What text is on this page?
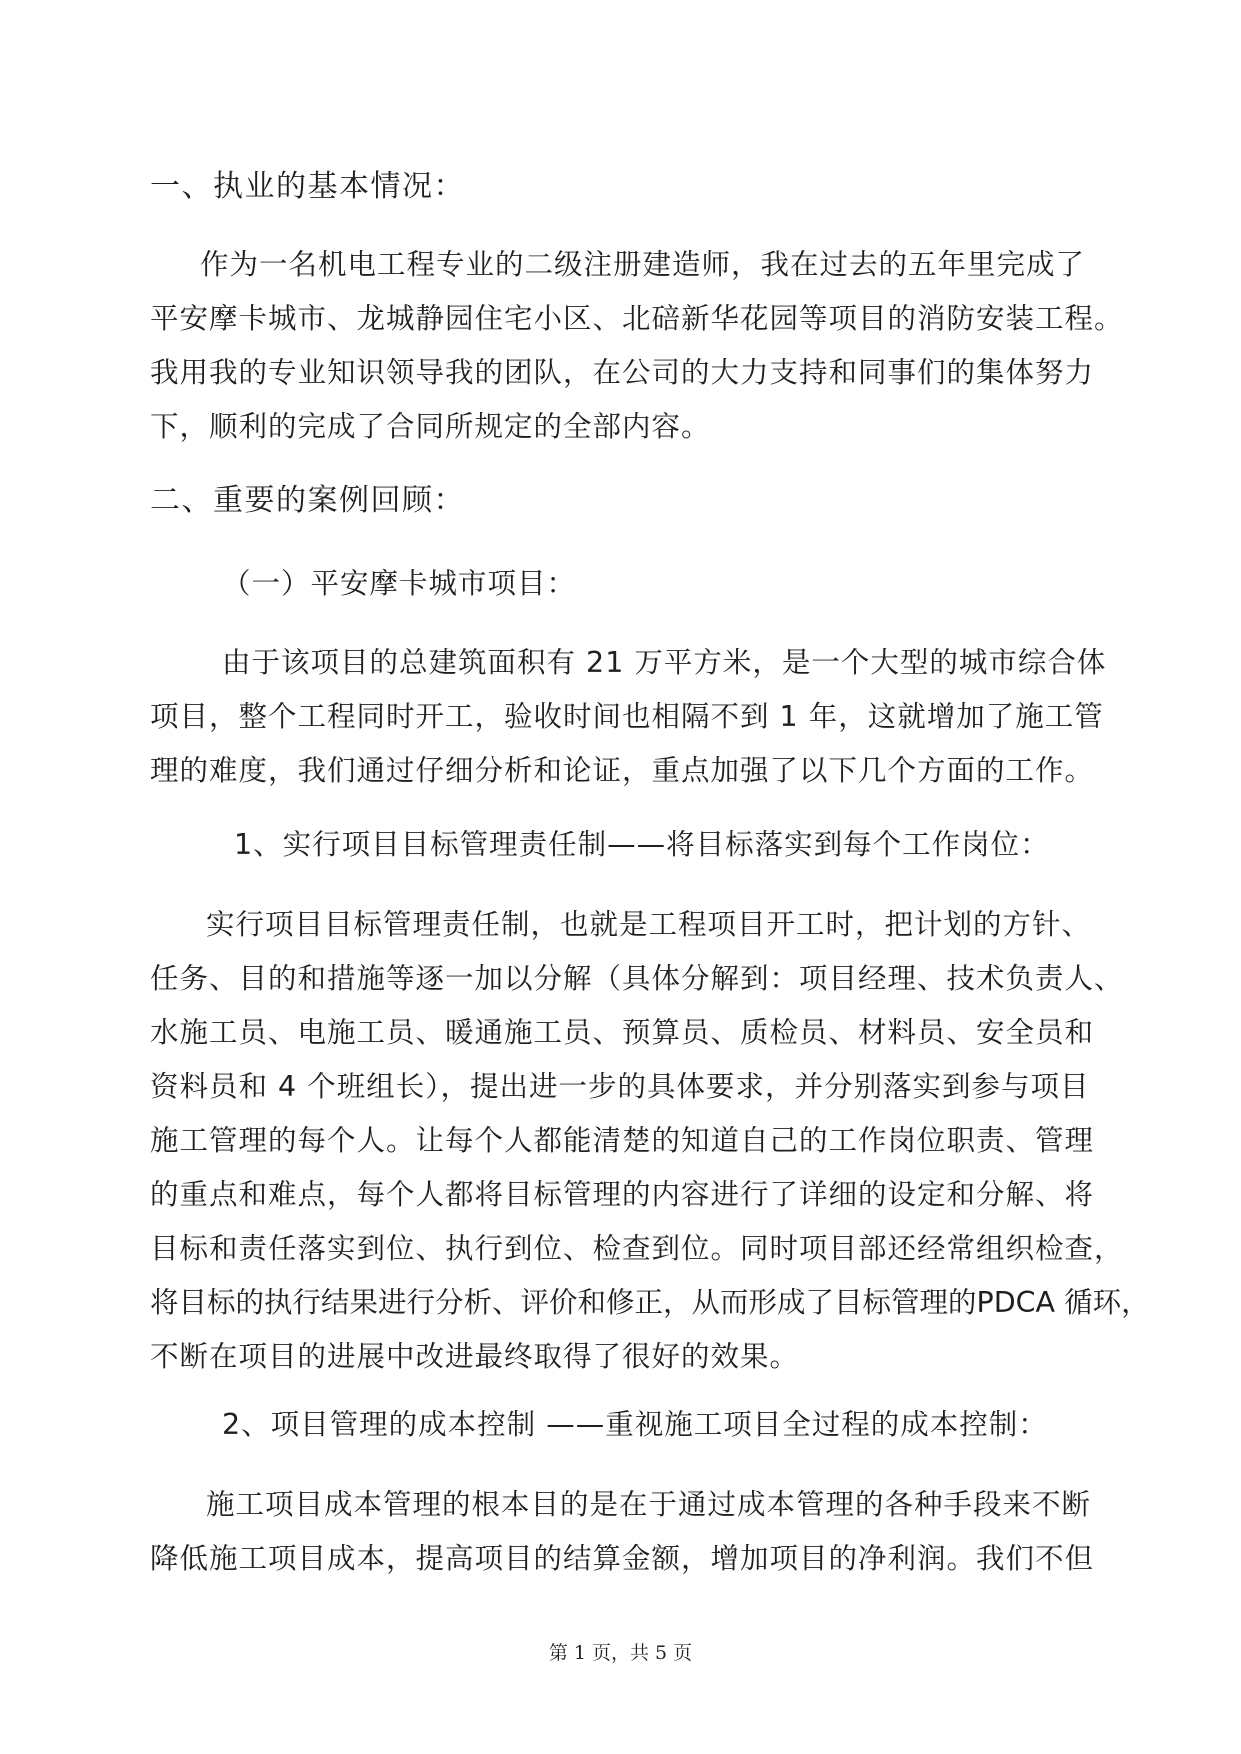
一、执业的基本情况：
作为一名机电工程专业的二级注册建造师，我在过去的五年里完成了
平安摩卡城市、龙城静园住宅小区、北碚新华花园等项目的消防安装工程。
我用我的专业知识领导我的团队，在公司的大力支持和同事们的集体努力
下，顺利的完成了合同所规定的全部内容。
二、重要的案例回顾：
（一）平安摩卡城市项目：
由于该项目的总建筑面积有 21 万平方米，是一个大型的城市综合体
项目，整个工程同时开工，验收时间也相隔不到 1 年，这就增加了施工管
理的难度，我们通过仔细分析和论证，重点加强了以下几个方面的工作。
1、实行项目目标管理责任制——将目标落实到每个工作岗位：
实行项目目标管理责任制，也就是工程项目开工时，把计划的方针、
任务、目的和措施等逐一加以分解（具体分解到：项目经理、技术负责人、
水施工员、电施工员、暖通施工员、预算员、质检员、材料员、安全员和
资料员和 4 个班组长），提出进一步的具体要求，并分别落实到参与项目
施工管理的每个人。让每个人都能清楚的知道自己的工作岗位职责、管理
的重点和难点，每个人都将目标管理的内容进行了详细的设定和分解、将
目标和责任落实到位、执行到位、检查到位。同时项目部还经常组织检查，
将目标的执行结果进行分析、评价和修正，从而形成了目标管理的PDCA 循环，
不断在项目的进展中改进最终取得了很好的效果。
2、项目管理的成本控制 ——重视施工项目全过程的成本控制：
施工项目成本管理的根本目的是在于通过成本管理的各种手段来不断
降低施工项目成本，提高项目的结算金额，增加项目的净利润。我们不但
第 1 页，共 5 页
